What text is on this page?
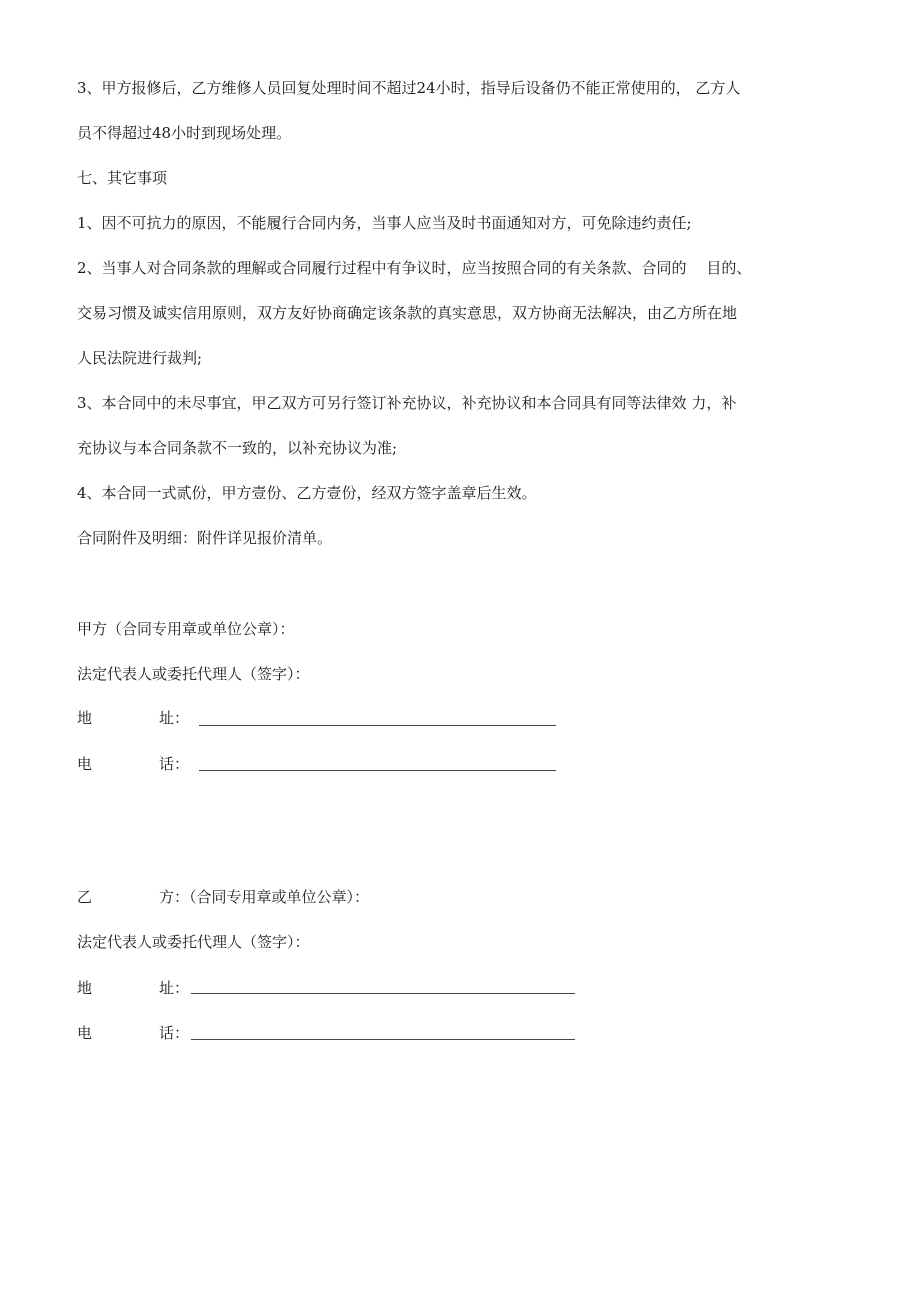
3、甲方报修后，乙方维修人员回复处理时间不超过24小时，指导后设备仍不能正常使用的， 乙方人
员不得超过48小时到现场处理。
七、其它事项
1、因不可抗力的原因，不能履行合同内务，当事人应当及时书面通知对方，可免除违约责任;
2、当事人对合同条款的理解或合同履行过程中有争议时，应当按照合同的有关条款、合同的　 目的、
交易习惯及诚实信用原则，双方友好协商确定该条款的真实意思，双方协商无法解决，由乙方所在地
人民法院进行裁判;
3、本合同中的未尽事宜，甲乙双方可另行签订补充协议，补充协议和本合同具有同等法律效 力，补
充协议与本合同条款不一致的，以补充协议为准;
4、本合同一式贰份，甲方壹份、乙方壹份，经双方签字盖章后生效。
合同附件及明细：附件详见报价清单。
甲方（合同专用章或单位公章）：
法定代表人或委托代理人（签字）：
地	址：
电	话：
乙	方：（合同专用章或单位公章）：
法定代表人或委托代理人（签字）：
地	址：
电	话：
